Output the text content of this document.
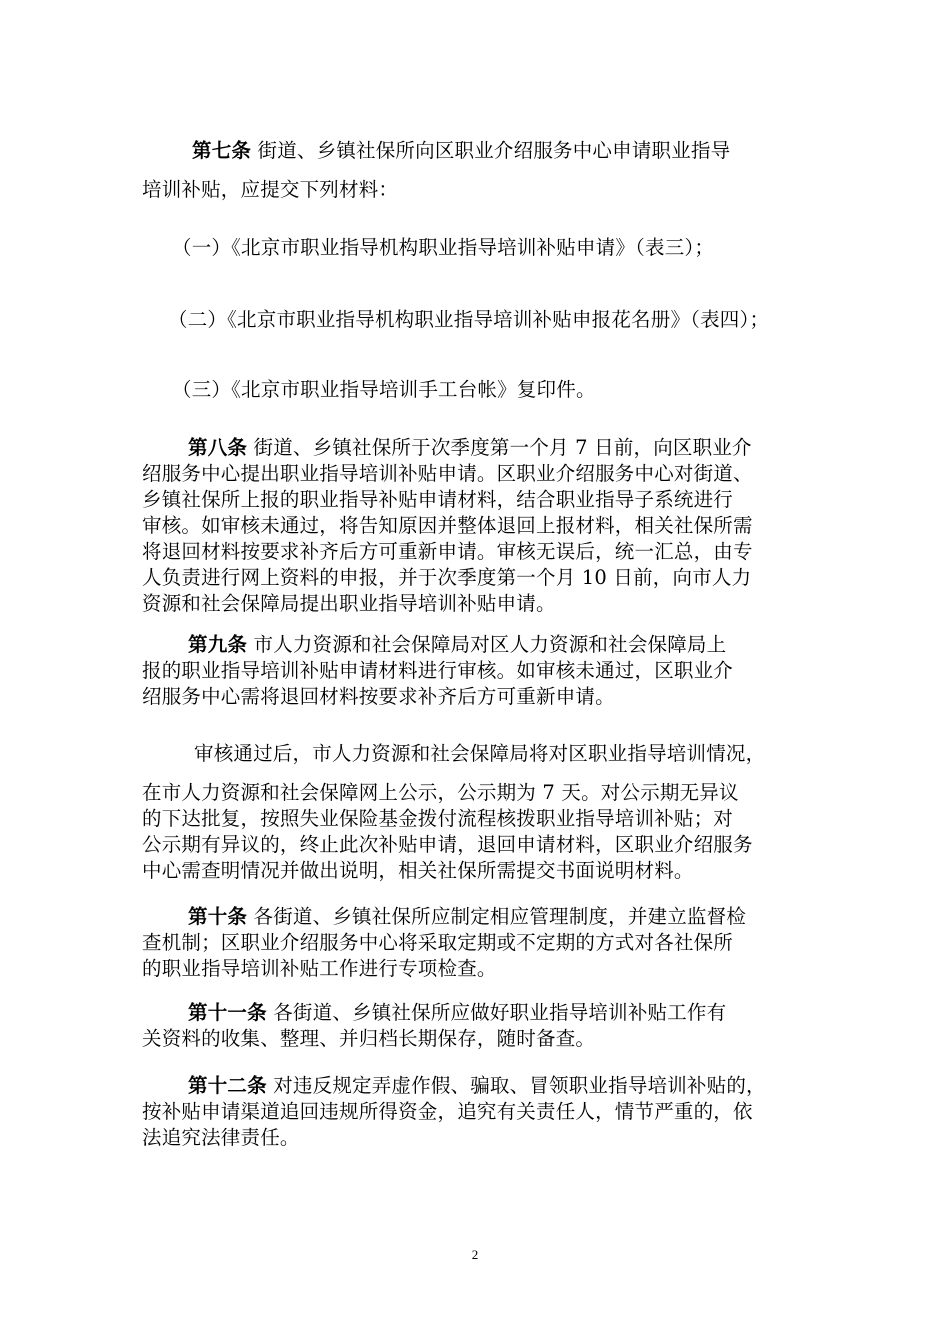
第七条 街道、乡镇社保所向区职业介绍服务中心申请职业指导
培训补贴，应提交下列材料：
（一）《北京市职业指导机构职业指导培训补贴申请》（表三）；
（二）《北京市职业指导机构职业指导培训补贴申报花名册》（表四）；
（三）《北京市职业指导培训手工台帐》复印件。
第八条 街道、乡镇社保所于次季度第一个月 7 日前，向区职业介
绍服务中心提出职业指导培训补贴申请。区职业介绍服务中心对街道、
乡镇社保所上报的职业指导补贴申请材料，结合职业指导子系统进行
审核。如审核未通过，将告知原因并整体退回上报材料，相关社保所需
将退回材料按要求补齐后方可重新申请。审核无误后，统一汇总，由专
人负责进行网上资料的申报，并于次季度第一个月 10 日前，向市人力
资源和社会保障局提出职业指导培训补贴申请。
第九条 市人力资源和社会保障局对区人力资源和社会保障局上
报的职业指导培训补贴申请材料进行审核。如审核未通过，区职业介
绍服务中心需将退回材料按要求补齐后方可重新申请。
审核通过后，市人力资源和社会保障局将对区职业指导培训情况，
在市人力资源和社会保障网上公示，公示期为 7 天。对公示期无异议
的下达批复，按照失业保险基金拨付流程核拨职业指导培训补贴；对
公示期有异议的，终止此次补贴申请，退回申请材料，区职业介绍服务
中心需查明情况并做出说明，相关社保所需提交书面说明材料。
第十条 各街道、乡镇社保所应制定相应管理制度，并建立监督检
查机制；区职业介绍服务中心将采取定期或不定期的方式对各社保所
的职业指导培训补贴工作进行专项检查。
第十一条 各街道、乡镇社保所应做好职业指导培训补贴工作有
关资料的收集、整理、并归档长期保存，随时备查。
第十二条 对违反规定弄虚作假、骗取、冒领职业指导培训补贴的，
按补贴申请渠道追回违规所得资金，追究有关责任人，情节严重的，依
法追究法律责任。
2
